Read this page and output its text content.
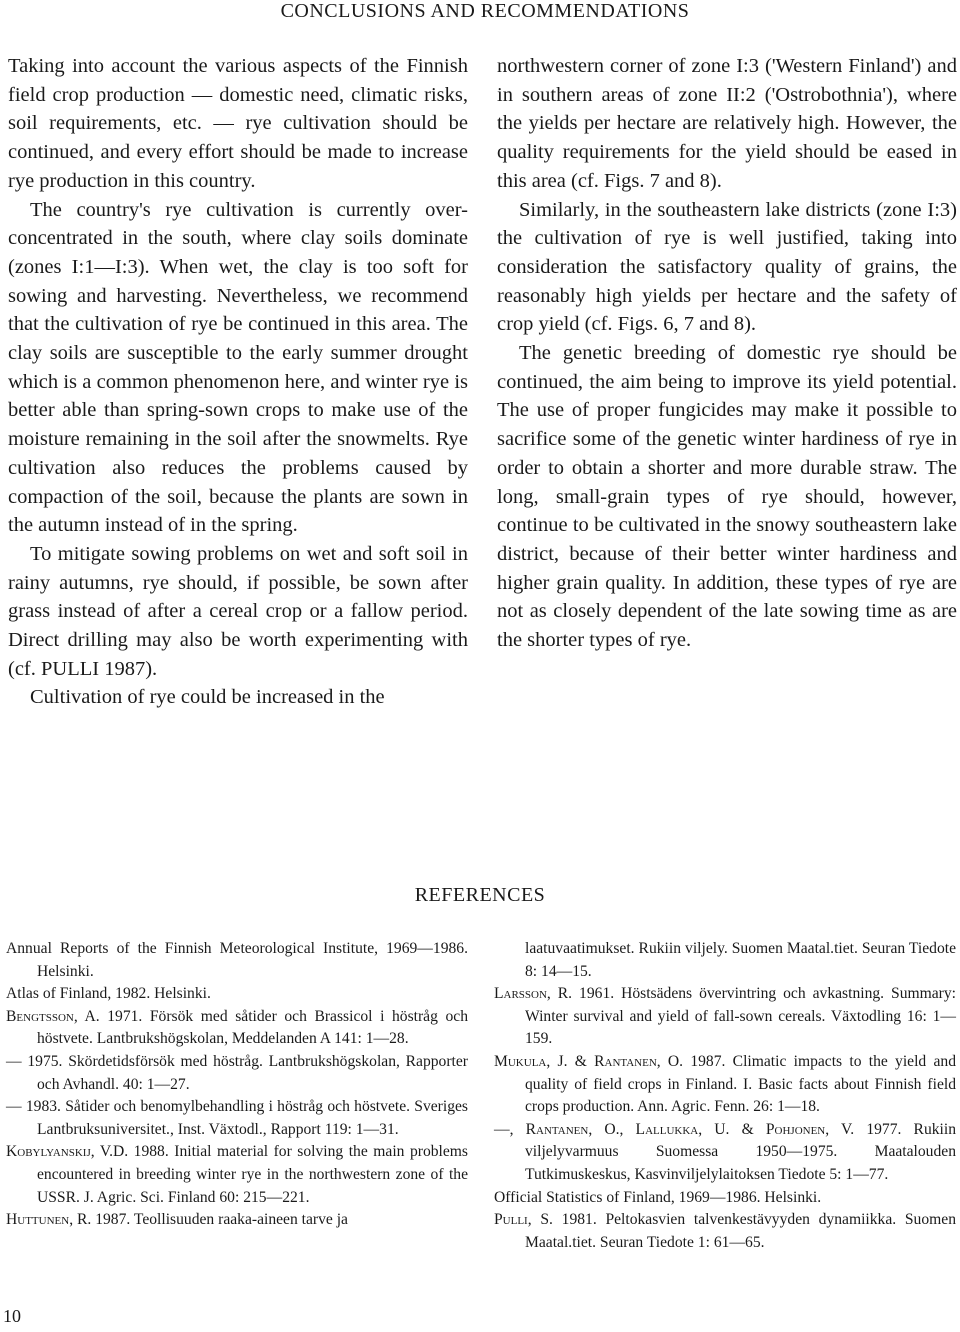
CONCLUSIONS AND RECOMMENDATIONS

Taking into account the various aspects of the Finnish field crop production — domestic need, climatic risks, soil requirements, etc. — rye cultivation should be continued, and every effort should be made to increase rye production in this country.

The country's rye cultivation is currently over-concentrated in the south, where clay soils dominate (zones I:1—I:3). When wet, the clay is too soft for sowing and harvesting. Nevertheless, we recommend that the cultivation of rye be continued in this area. The clay soils are susceptible to the early summer drought which is a common phenomenon here, and winter rye is better able than spring-sown crops to make use of the moisture remaining in the soil after the snowmelts. Rye cultivation also reduces the problems caused by compaction of the soil, because the plants are sown in the autumn instead of in the spring.

To mitigate sowing problems on wet and soft soil in rainy autumns, rye should, if possible, be sown after grass instead of after a cereal crop or a fallow period. Direct drilling may also be worth experimenting with (cf. PULLI 1987).

Cultivation of rye could be increased in the

northwestern corner of zone I:3 ('Western Finland') and in southern areas of zone II:2 ('Ostrobothnia'), where the yields per hectare are relatively high. However, the quality requirements for the yield should be eased in this area (cf. Figs. 7 and 8).

Similarly, in the southeastern lake districts (zone I:3) the cultivation of rye is well justified, taking into consideration the satisfactory quality of grains, the reasonably high yields per hectare and the safety of crop yield (cf. Figs. 6, 7 and 8).

The genetic breeding of domestic rye should be continued, the aim being to improve its yield potential. The use of proper fungicides may make it possible to sacrifice some of the genetic winter hardiness of rye in order to obtain a shorter and more durable straw. The long, small-grain types of rye should, however, continue to be cultivated in the snowy southeastern lake district, because of their better winter hardiness and higher grain quality. In addition, these types of rye are not as closely dependent of the late sowing time as are the shorter types of rye.

REFERENCES
Annual Reports of the Finnish Meteorological Institute, 1969—1986. Helsinki.
Atlas of Finland, 1982. Helsinki.
Bengtsson, A. 1971. Försök med såtider och Brassicol i höstråg och höstvete. Lantbrukshögskolan, Meddelanden A 141: 1—28.
— 1975. Skördetidsförsök med höstråg. Lantbrukshögskolan, Rapporter och Avhandl. 40: 1—27.
— 1983. Såtider och benomylbehandling i höstråg och höstvete. Sveriges Lantbruksuniversitet., Inst. Växtodl., Rapport 119: 1—31.
Kobylyanskij, V.D. 1988. Initial material for solving the main problems encountered in breeding winter rye in the northwestern zone of the USSR. J. Agric. Sci. Finland 60: 215—221.
Huttunen, R. 1987. Teollisuuden raaka-aineen tarve ja
laatuvaatimukset. Rukiin viljely. Suomen Maatal.tiet. Seuran Tiedote 8: 14—15.
Larsson, R. 1961. Höstsädens övervintring och avkastning. Summary: Winter survival and yield of fall-sown cereals. Växtodling 16: 1—159.
Mukula, J. & Rantanen, O. 1987. Climatic impacts to the yield and quality of field crops in Finland. I. Basic facts about Finnish field crops production. Ann. Agric. Fenn. 26: 1—18.
—, Rantanen, O., Lallukka, U. & Pohjonen, V. 1977. Rukiin viljelyvarmuus Suomessa 1950—1975. Maatalouden Tutkimuskeskus, Kasvinviljelylaitoksen Tiedote 5: 1—77.
Official Statistics of Finland, 1969—1986. Helsinki.
Pulli, S. 1981. Peltokasvien talvenkestävyyden dynamiikka. Suomen Maatal.tiet. Seuran Tiedote 1: 61—65.
10
